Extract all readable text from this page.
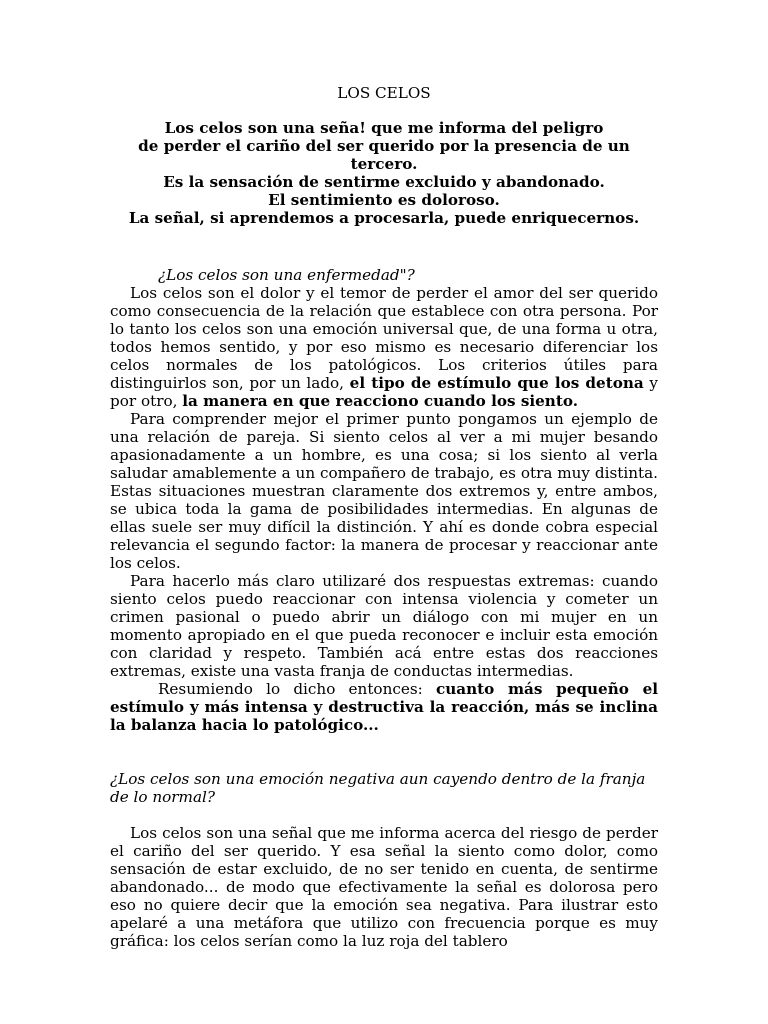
LOS CELOS

Los celos son una seña! que me informa del peligro
de perder el cariño del ser querido por la presencia de un tercero.
Es la sensación de sentirme excluido y abandonado.
El sentimiento es doloroso.
La señal, si aprendemos a procesarla, puede enriquecernos.

¿Los celos son una enfermedad"?

Los celos son el dolor y el temor de perder el amor del ser querido como consecuencia de la relación que establece con otra persona. Por lo tanto los celos son una emoción universal que, de una forma u otra, todos hemos sentido, y por eso mismo es necesario diferenciar los celos normales de los patológicos. Los criterios útiles para distinguirlos son, por un lado, el tipo de estímulo que los detona y por otro, la manera en que reacciono cuando los siento.

Para comprender mejor el primer punto pongamos un ejemplo de una relación de pareja. Si siento celos al ver a mi mujer besando apasionadamente a un hombre, es una cosa; si los siento al verla saludar amablemente a un compañero de trabajo, es otra muy distinta. Estas situaciones muestran claramente dos extremos y, entre ambos, se ubica toda la gama de posibilidades intermedias. En algunas de ellas suele ser muy difícil la distinción. Y ahí es donde cobra especial relevancia el segundo factor: la manera de procesar y reaccionar ante los celos.

Para hacerlo más claro utilizaré dos respuestas extremas: cuando siento celos puedo reaccionar con intensa violencia y cometer un crimen pasional o puedo abrir un diálogo con mi mujer en un momento apropiado en el que pueda reconocer e incluir esta emoción con claridad y respeto. También acá entre estas dos reacciones extremas, existe una vasta franja de conductas intermedias.

Resumiendo lo dicho entonces: cuanto más pequeño el estímulo y más intensa y destructiva la reacción, más se inclina la balanza hacia lo patológico...

¿Los celos son una emoción negativa aun cayendo dentro de la franja de lo normal?

Los celos son una señal que me informa acerca del riesgo de perder el cariño del ser querido. Y esa señal la siento como dolor, como sensación de estar excluido, de no ser tenido en cuenta, de sentirme abandonado... de modo que efectivamente la señal es dolorosa pero eso no quiere decir que la emoción sea negativa. Para ilustrar esto apelaré a una metáfora que utilizo con frecuencia porque es muy gráfica: los celos serían como la luz roja del tablero
